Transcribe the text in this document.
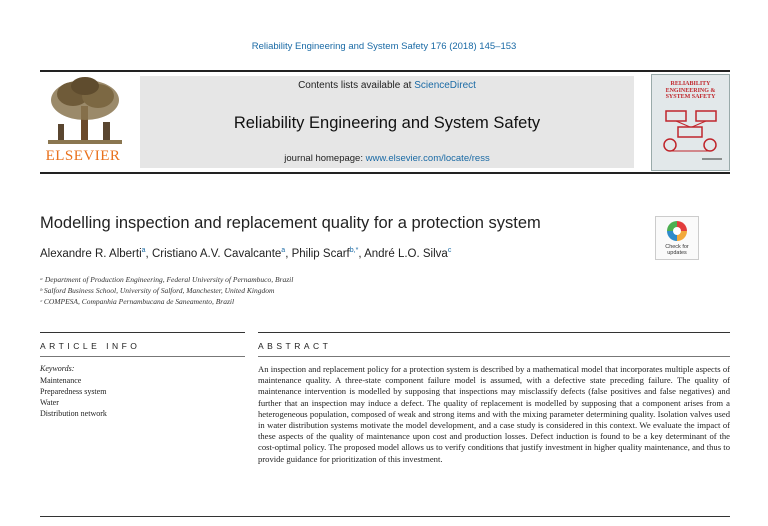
Reliability Engineering and System Safety 176 (2018) 145–153
ELSEVIER
Contents lists available at ScienceDirect
Reliability Engineering and System Safety
journal homepage: www.elsevier.com/locate/ress
RELIABILITY ENGINEERING & SYSTEM SAFETY
Modelling inspection and replacement quality for a protection system
Check for updates
Alexandre R. Alberti$^a$, Cristiano A.V. Cavalcante$^a$, Philip Scarf$^{b,*}$, André L.O. Silva$^c$
ᵃ Department of Production Engineering, Federal University of Pernambuco, Brazil
ᵇ Salford Business School, University of Salford, Manchester, United Kingdom
ᶜ COMPESA, Companhia Pernambucana de Saneamento, Brazil
ARTICLE INFO	ABSTRACT
Keywords:
Maintenance
Preparedness system
Water
Distribution network
An inspection and replacement policy for a protection system is described by a mathematical model that incorporates multiple aspects of maintenance quality. A three-state component failure model is assumed, with a defective state preceding failure. The quality of maintenance intervention is modelled by supposing that inspections may misclassify defects (false positives and false negatives) and further that an inspection may induce a defect. The quality of replacement is modelled by supposing that a component arises from a heterogeneous population, composed of weak and strong items and with the mixing parameter determining quality. Isolation valves used in water distribution systems motivate the model development, and a case study is considered in this context. We evaluate the impact of these aspects of the quality of maintenance upon cost and production losses. Defect induction is found to be a key determinant of the cost-optimal policy. The proposed model allows us to verify conditions that justify investment in higher quality maintenance, and thus to provide guidance for prioritization of this investment.
